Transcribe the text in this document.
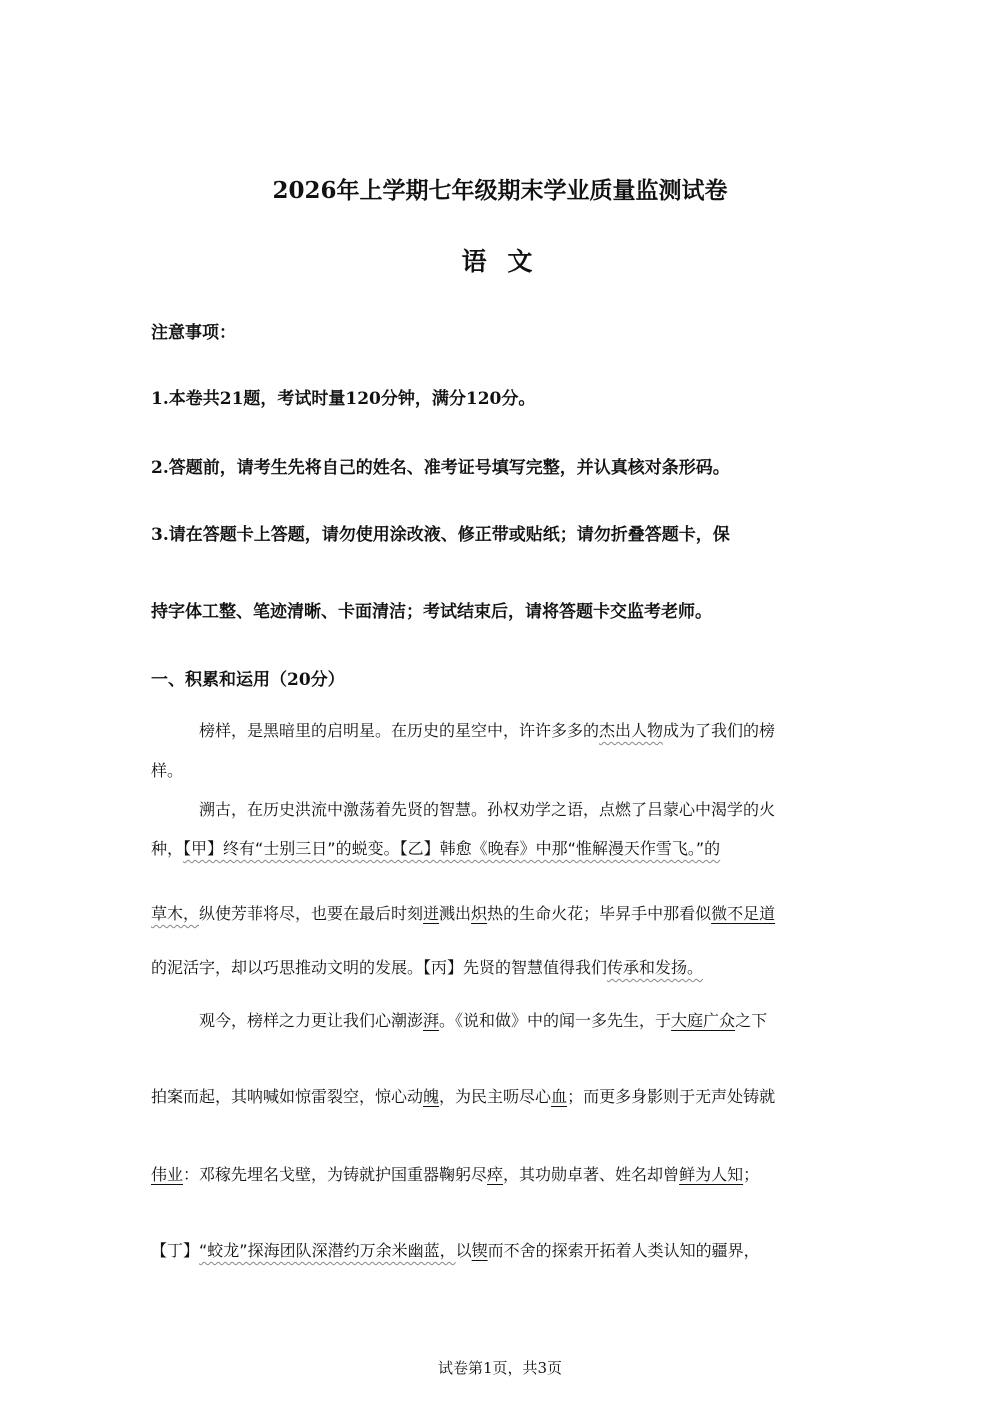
2026年上学期七年级期末学业质量监测试卷
语 文
注意事项：
1.本卷共21题，考试时量120分钟，满分120分。
2.答题前，请考生先将自己的姓名、准考证号填写完整，并认真核对条形码。
3.请在答题卡上答题，请勿使用涂改液、修正带或贴纸；请勿折叠答题卡，保
持字体工整、笔迹清晰、卡面清洁；考试结束后，请将答题卡交监考老师。
一、积累和运用（20分）
榜样，是黑暗里的启明星。在历史的星空中，许许多多的杰出人物成为了我们的榜
样。
溯古，在历史洪流中激荡着先贤的智慧。孙权劝学之语，点燃了吕蒙心中渴学的火
种，【甲】终有“士别三日”的蜕变。【乙】韩愈《晚春》中那“惟解漫天作雪飞。”的
草木，纵使芳菲将尽，也要在最后时刻迸溅出炽热的生命火花；毕昇手中那看似微不足道
的泥活字，却以巧思推动文明的发展。【丙】先贤的智慧值得我们传承和发扬。
观今，榜样之力更让我们心潮澎湃。《说和做》中的闻一多先生，于大庭广众之下
拍案而起，其呐喊如惊雷裂空，惊心动魄，为民主呖尽心血；而更多身影则于无声处铸就
伟业：邓稼先埋名戈壁，为铸就护国重器鞠躬尽瘁，其功勋卓著、姓名却曾鲜为人知；
【丁】“蛟龙”探海团队深潜约万余米幽蓝，以锲而不舍的探索开拓着人类认知的疆界，
试卷第1页，共3页
